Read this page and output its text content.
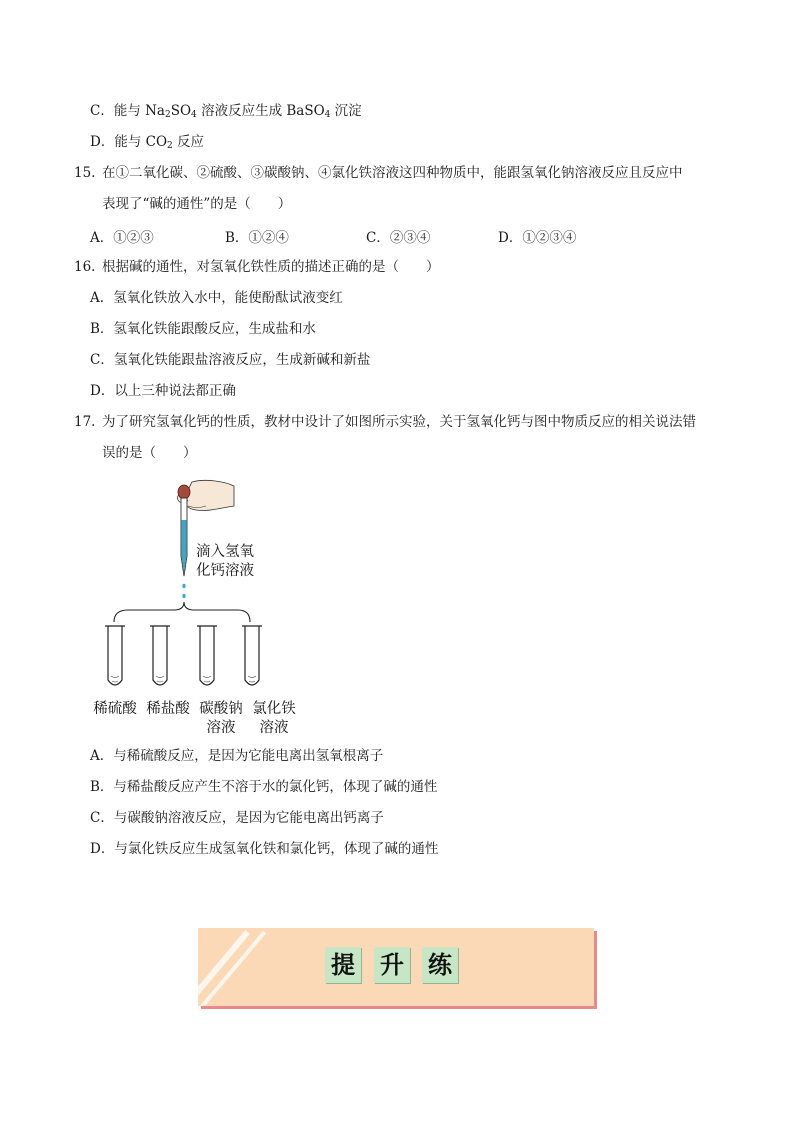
C．能与 $Na_2SO_4$ 溶液反应生成 BaSO$_4$ 沉淀
D．能与 $CO_2$ 反应
15. 在①二氧化碳、②硫酸、③碳酸钠、④氯化铁溶液这四种物质中，能跟氢氧化钠溶液反应且反应中
表现了“碱的通性”的是（　　）
A．①②③	B．①②④	C．②③④	D．①②③④
16. 根据碱的通性，对氢氧化铁性质的描述正确的是（　　）
A．氢氧化铁放入水中，能使酚酞试液变红
B．氢氧化铁能跟酸反应，生成盐和水
C．氢氧化铁能跟盐溶液反应，生成新碱和新盐
D．以上三种说法都正确
17. 为了研究氢氧化钙的性质，教材中设计了如图所示实验，关于氢氧化钙与图中物质反应的相关说法错
误的是（　　）
滴入氢氧
化钙溶液
稀硫酸 稀盐酸 碳酸钠
溶液
氯化铁
溶液
A．与稀硫酸反应，是因为它能电离出氢氧根离子
B．与稀盐酸反应产生不溶于水的氯化钙，体现了碱的通性
C．与碳酸钠溶液反应，是因为它能电离出钙离子
D．与氯化铁反应生成氢氧化铁和氯化钙，体现了碱的通性
提 升 练
